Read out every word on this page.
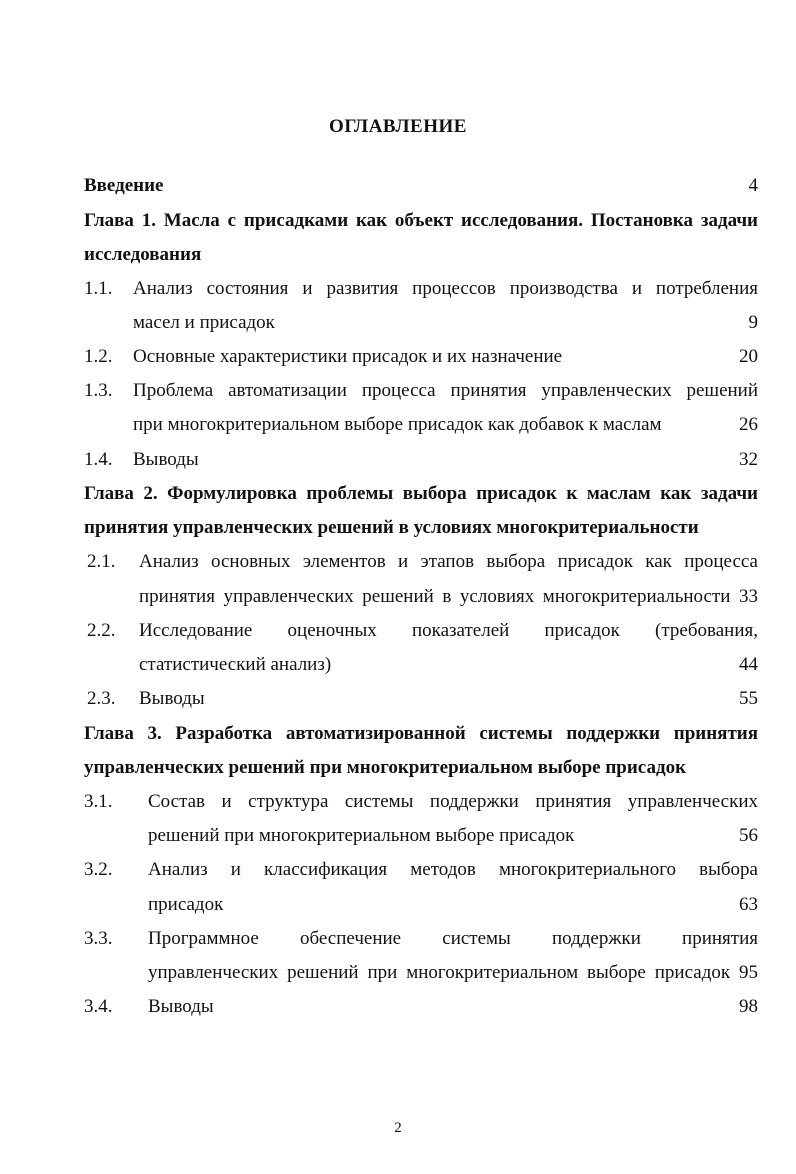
ОГЛАВЛЕНИЕ
Введение	4
Глава 1. Масла с присадками как объект исследования. Постановка задачи
исследования
1.1. Анализ состояния и развития процессов производства и потребления
масел и присадок	9
1.2. Основные характеристики присадок и их назначение	20
1.3. Проблема автоматизации процесса принятия управленческих решений
при многокритериальном выборе присадок как добавок к маслам	26
1.4. Выводы	32
Глава 2. Формулировка проблемы выбора присадок к маслам как задачи
принятия управленческих решений в условиях многокритериальности
2.1. Анализ основных элементов и этапов выбора присадок как процесса
принятия управленческих решений в условиях многокритериальности 33
2.2. Исследование оценочных показателей присадок (требования,
статистический анализ)	44
2.3. Выводы	55
Глава 3. Разработка автоматизированной системы поддержки принятия
управленческих решений при многокритериальном выборе присадок
3.1. Состав и структура системы поддержки принятия управленческих
решений при многокритериальном выборе присадок	56
3.2. Анализ и классификация методов многокритериального выбора
присадок	63
3.3. Программное обеспечение системы поддержки принятия
управленческих решений при многокритериальном выборе присадок 95
3.4. Выводы	98
2
